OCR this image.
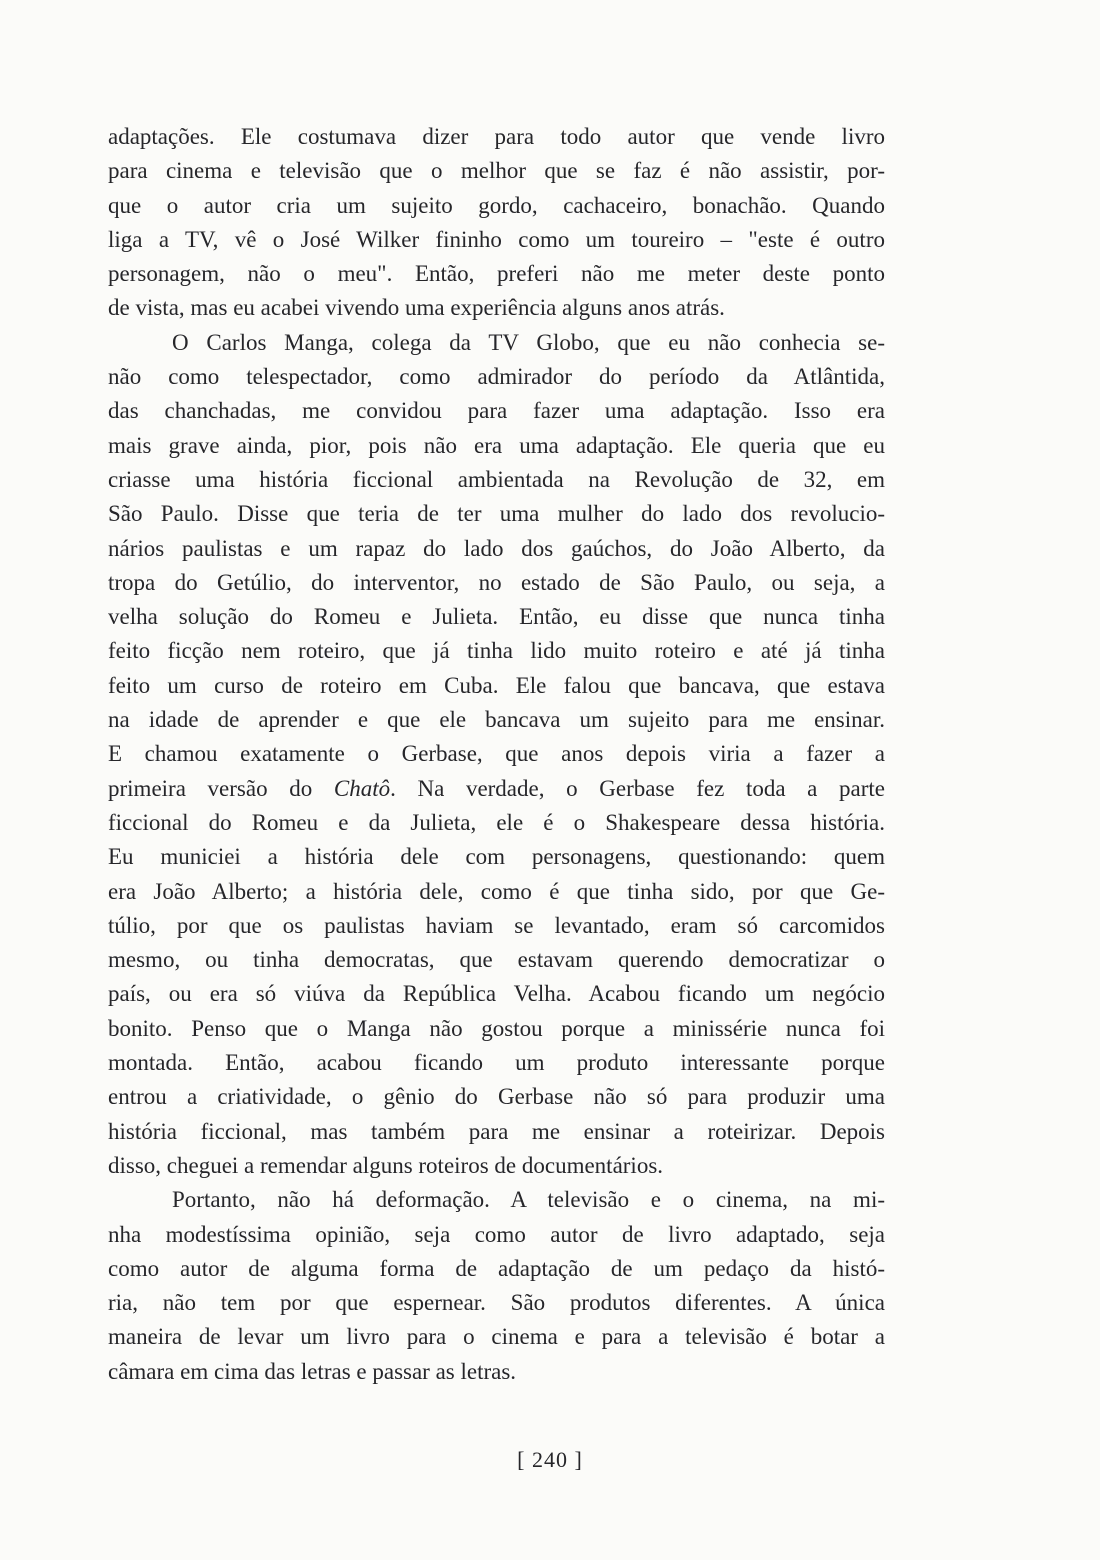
adaptações. Ele costumava dizer para todo autor que vende livro
para cinema e televisão que o melhor que se faz é não assistir, por-
que o autor cria um sujeito gordo, cachaceiro, bonachão. Quando
liga a TV, vê o José Wilker fininho como um toureiro – "este é outro
personagem, não o meu". Então, preferi não me meter deste ponto
de vista, mas eu acabei vivendo uma experiência alguns anos atrás.
O Carlos Manga, colega da TV Globo, que eu não conhecia se-
não como telespectador, como admirador do período da Atlântida,
das chanchadas, me convidou para fazer uma adaptação. Isso era
mais grave ainda, pior, pois não era uma adaptação. Ele queria que eu
criasse uma história ficcional ambientada na Revolução de 32, em
São Paulo. Disse que teria de ter uma mulher do lado dos revolucio-
nários paulistas e um rapaz do lado dos gaúchos, do João Alberto, da
tropa do Getúlio, do interventor, no estado de São Paulo, ou seja, a
velha solução do Romeu e Julieta. Então, eu disse que nunca tinha
feito ficção nem roteiro, que já tinha lido muito roteiro e até já tinha
feito um curso de roteiro em Cuba. Ele falou que bancava, que estava
na idade de aprender e que ele bancava um sujeito para me ensinar.
E chamou exatamente o Gerbase, que anos depois viria a fazer a
primeira versão do Chatô. Na verdade, o Gerbase fez toda a parte
ficcional do Romeu e da Julieta, ele é o Shakespeare dessa história.
Eu municiei a história dele com personagens, questionando: quem
era João Alberto; a história dele, como é que tinha sido, por que Ge-
túlio, por que os paulistas haviam se levantado, eram só carcomidos
mesmo, ou tinha democratas, que estavam querendo democratizar o
país, ou era só viúva da República Velha. Acabou ficando um negócio
bonito. Penso que o Manga não gostou porque a minissérie nunca foi
montada. Então, acabou ficando um produto interessante porque
entrou a criatividade, o gênio do Gerbase não só para produzir uma
história ficcional, mas também para me ensinar a roteirizar. Depois
disso, cheguei a remendar alguns roteiros de documentários.
Portanto, não há deformação. A televisão e o cinema, na mi-
nha modestíssima opinião, seja como autor de livro adaptado, seja
como autor de alguma forma de adaptação de um pedaço da histó-
ria, não tem por que espernear. São produtos diferentes. A única
maneira de levar um livro para o cinema e para a televisão é botar a
câmara em cima das letras e passar as letras.
[ 240 ]
